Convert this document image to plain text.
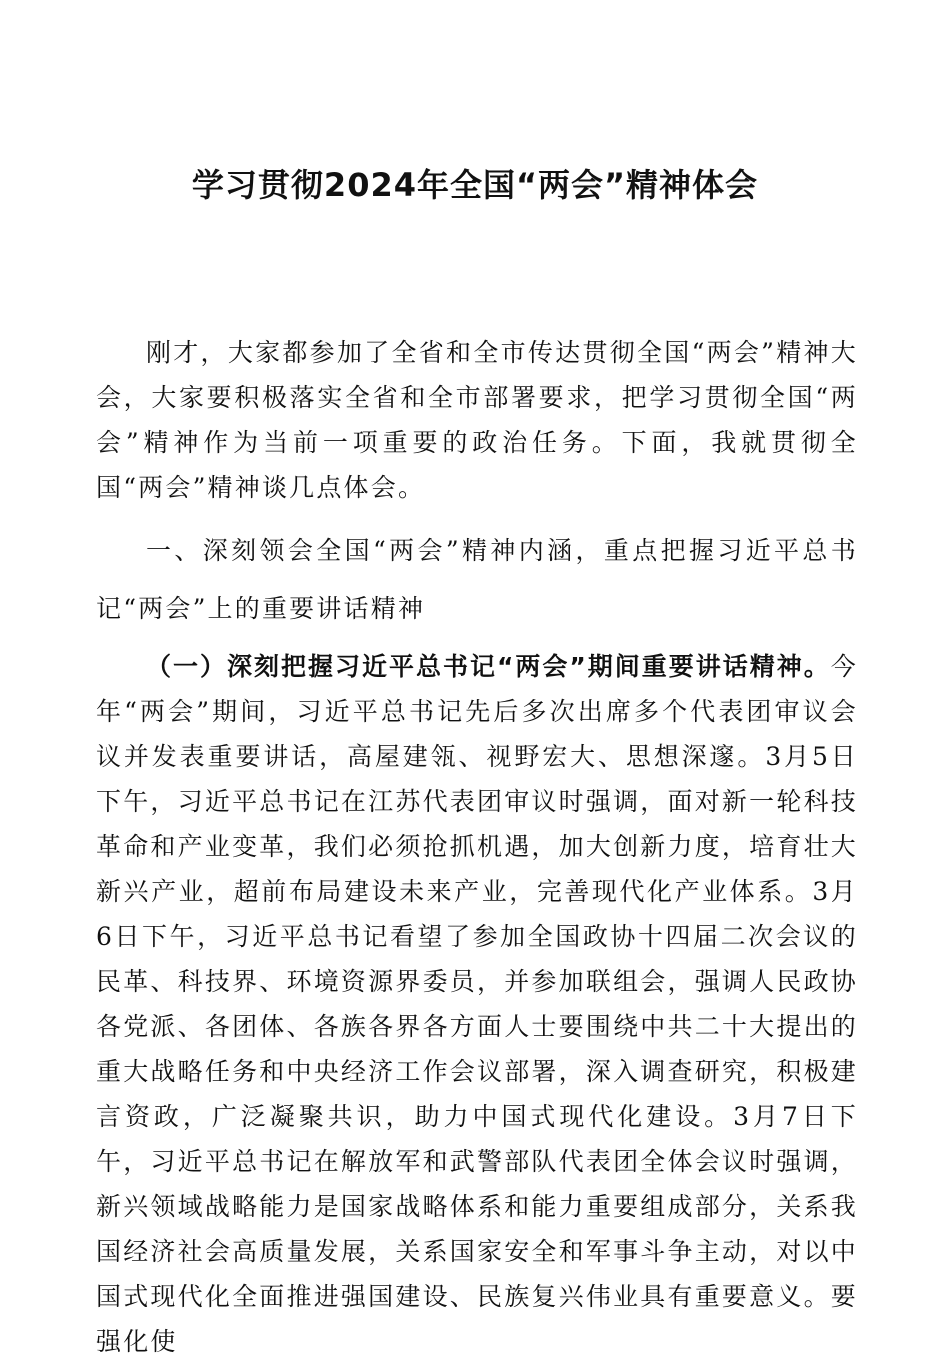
学习贯彻2024年全国“两会”精神体会

刚才，大家都参加了全省和全市传达贯彻全国“两会”精神大会，大家要积极落实全省和全市部署要求，把学习贯彻全国“两会”精神作为当前一项重要的政治任务。下面，我就贯彻全国“两会”精神谈几点体会。

一、深刻领会全国“两会”精神内涵，重点把握习近平总书记“两会”上的重要讲话精神

（一）深刻把握习近平总书记“两会”期间重要讲话精神。今年“两会”期间，习近平总书记先后多次出席多个代表团审议会议并发表重要讲话，高屋建瓴、视野宏大、思想深邃。3月5日下午，习近平总书记在江苏代表团审议时强调，面对新一轮科技革命和产业变革，我们必须抢抓机遇，加大创新力度，培育壮大新兴产业，超前布局建设未来产业，完善现代化产业体系。3月6日下午，习近平总书记看望了参加全国政协十四届二次会议的民革、科技界、环境资源界委员，并参加联组会，强调人民政协各党派、各团体、各族各界各方面人士要围绕中共二十大提出的重大战略任务和中央经济工作会议部署，深入调查研究，积极建言资政，广泛凝聚共识，助力中国式现代化建设。3月7日下午，习近平总书记在解放军和武警部队代表团全体会议时强调，新兴领域战略能力是国家战略体系和能力重要组成部分，关系我国经济社会高质量发展，关系国家安全和军事斗争主动，对以中国式现代化全面推进强国建设、民族复兴伟业具有重要意义。要强化使
